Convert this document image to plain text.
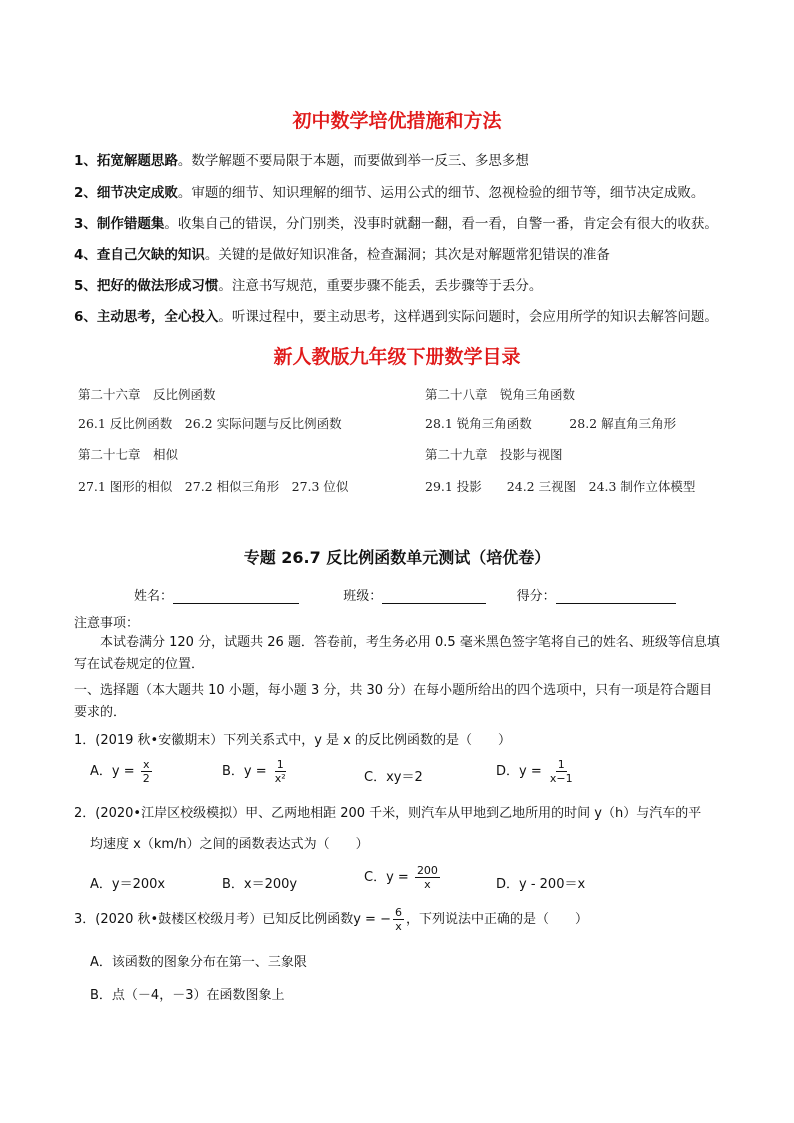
初中数学培优措施和方法
1、拓宽解题思路。数学解题不要局限于本题，而要做到举一反三、多思多想
2、细节决定成败。审题的细节、知识理解的细节、运用公式的细节、忽视检验的细节等，细节决定成败。
3、制作错题集。收集自己的错误，分门别类，没事时就翻一翻，看一看，自警一番，肯定会有很大的收获。
4、查自己欠缺的知识。关键的是做好知识准备，检查漏洞；其次是对解题常犯错误的准备
5、把好的做法形成习惯。注意书写规范，重要步骤不能丢，丢步骤等于丢分。
6、主动思考，全心投入。听课过程中，要主动思考，这样遇到实际问题时，会应用所学的知识去解答问题。
新人教版九年级下册数学目录
第二十六章　反比例函数
26.1 反比例函数　26.2 实际问题与反比例函数
第二十七章　相似
27.1 图形的相似　27.2 相似三角形　27.3 位似
第二十八章　锐角三角函数
28.1 锐角三角函数　　　28.2 解直角三角形
第二十九章　投影与视图
29.1 投影　　24.2 三视图　24.3 制作立体模型
专题 26.7 反比例函数单元测试（培优卷）
姓名：	班级：	得分：
注意事项：
本试卷满分 120 分，试题共 26 题．答卷前，考生务必用 0.5 毫米黑色签字笔将自己的姓名、班级等信息填写在试卷规定的位置．
一、选择题（本大题共 10 小题，每小题 3 分，共 30 分）在每小题所给出的四个选项中，只有一项是符合题目要求的．
1．(2019 秋•安徽期末）下列关系式中，y 是 x 的反比例函数的是（　　）
A．$y = \frac{x}{2}$	B．$y = \frac{1}{\text{x²}}$	C．xy＝2	D．$y = \frac{1}{x-1}$
2．(2020•江岸区校级模拟）甲、乙两地相距 200 千米，则汽车从甲地到乙地所用的时间 y（h）与汽车的平
均速度 x（km/h）之间的函数表达式为（　　）
A．y＝200x	B．x＝200y	C．$y = \frac{200}{x}$	D．y - 200＝x
3．(2020 秋•鼓楼区校级月考）已知反比例函数y = − $\frac{6}{x}$ ，下列说法中正确的是（　　）
A．该函数的图象分布在第一、三象限
B．点（－4，－3）在函数图象上
